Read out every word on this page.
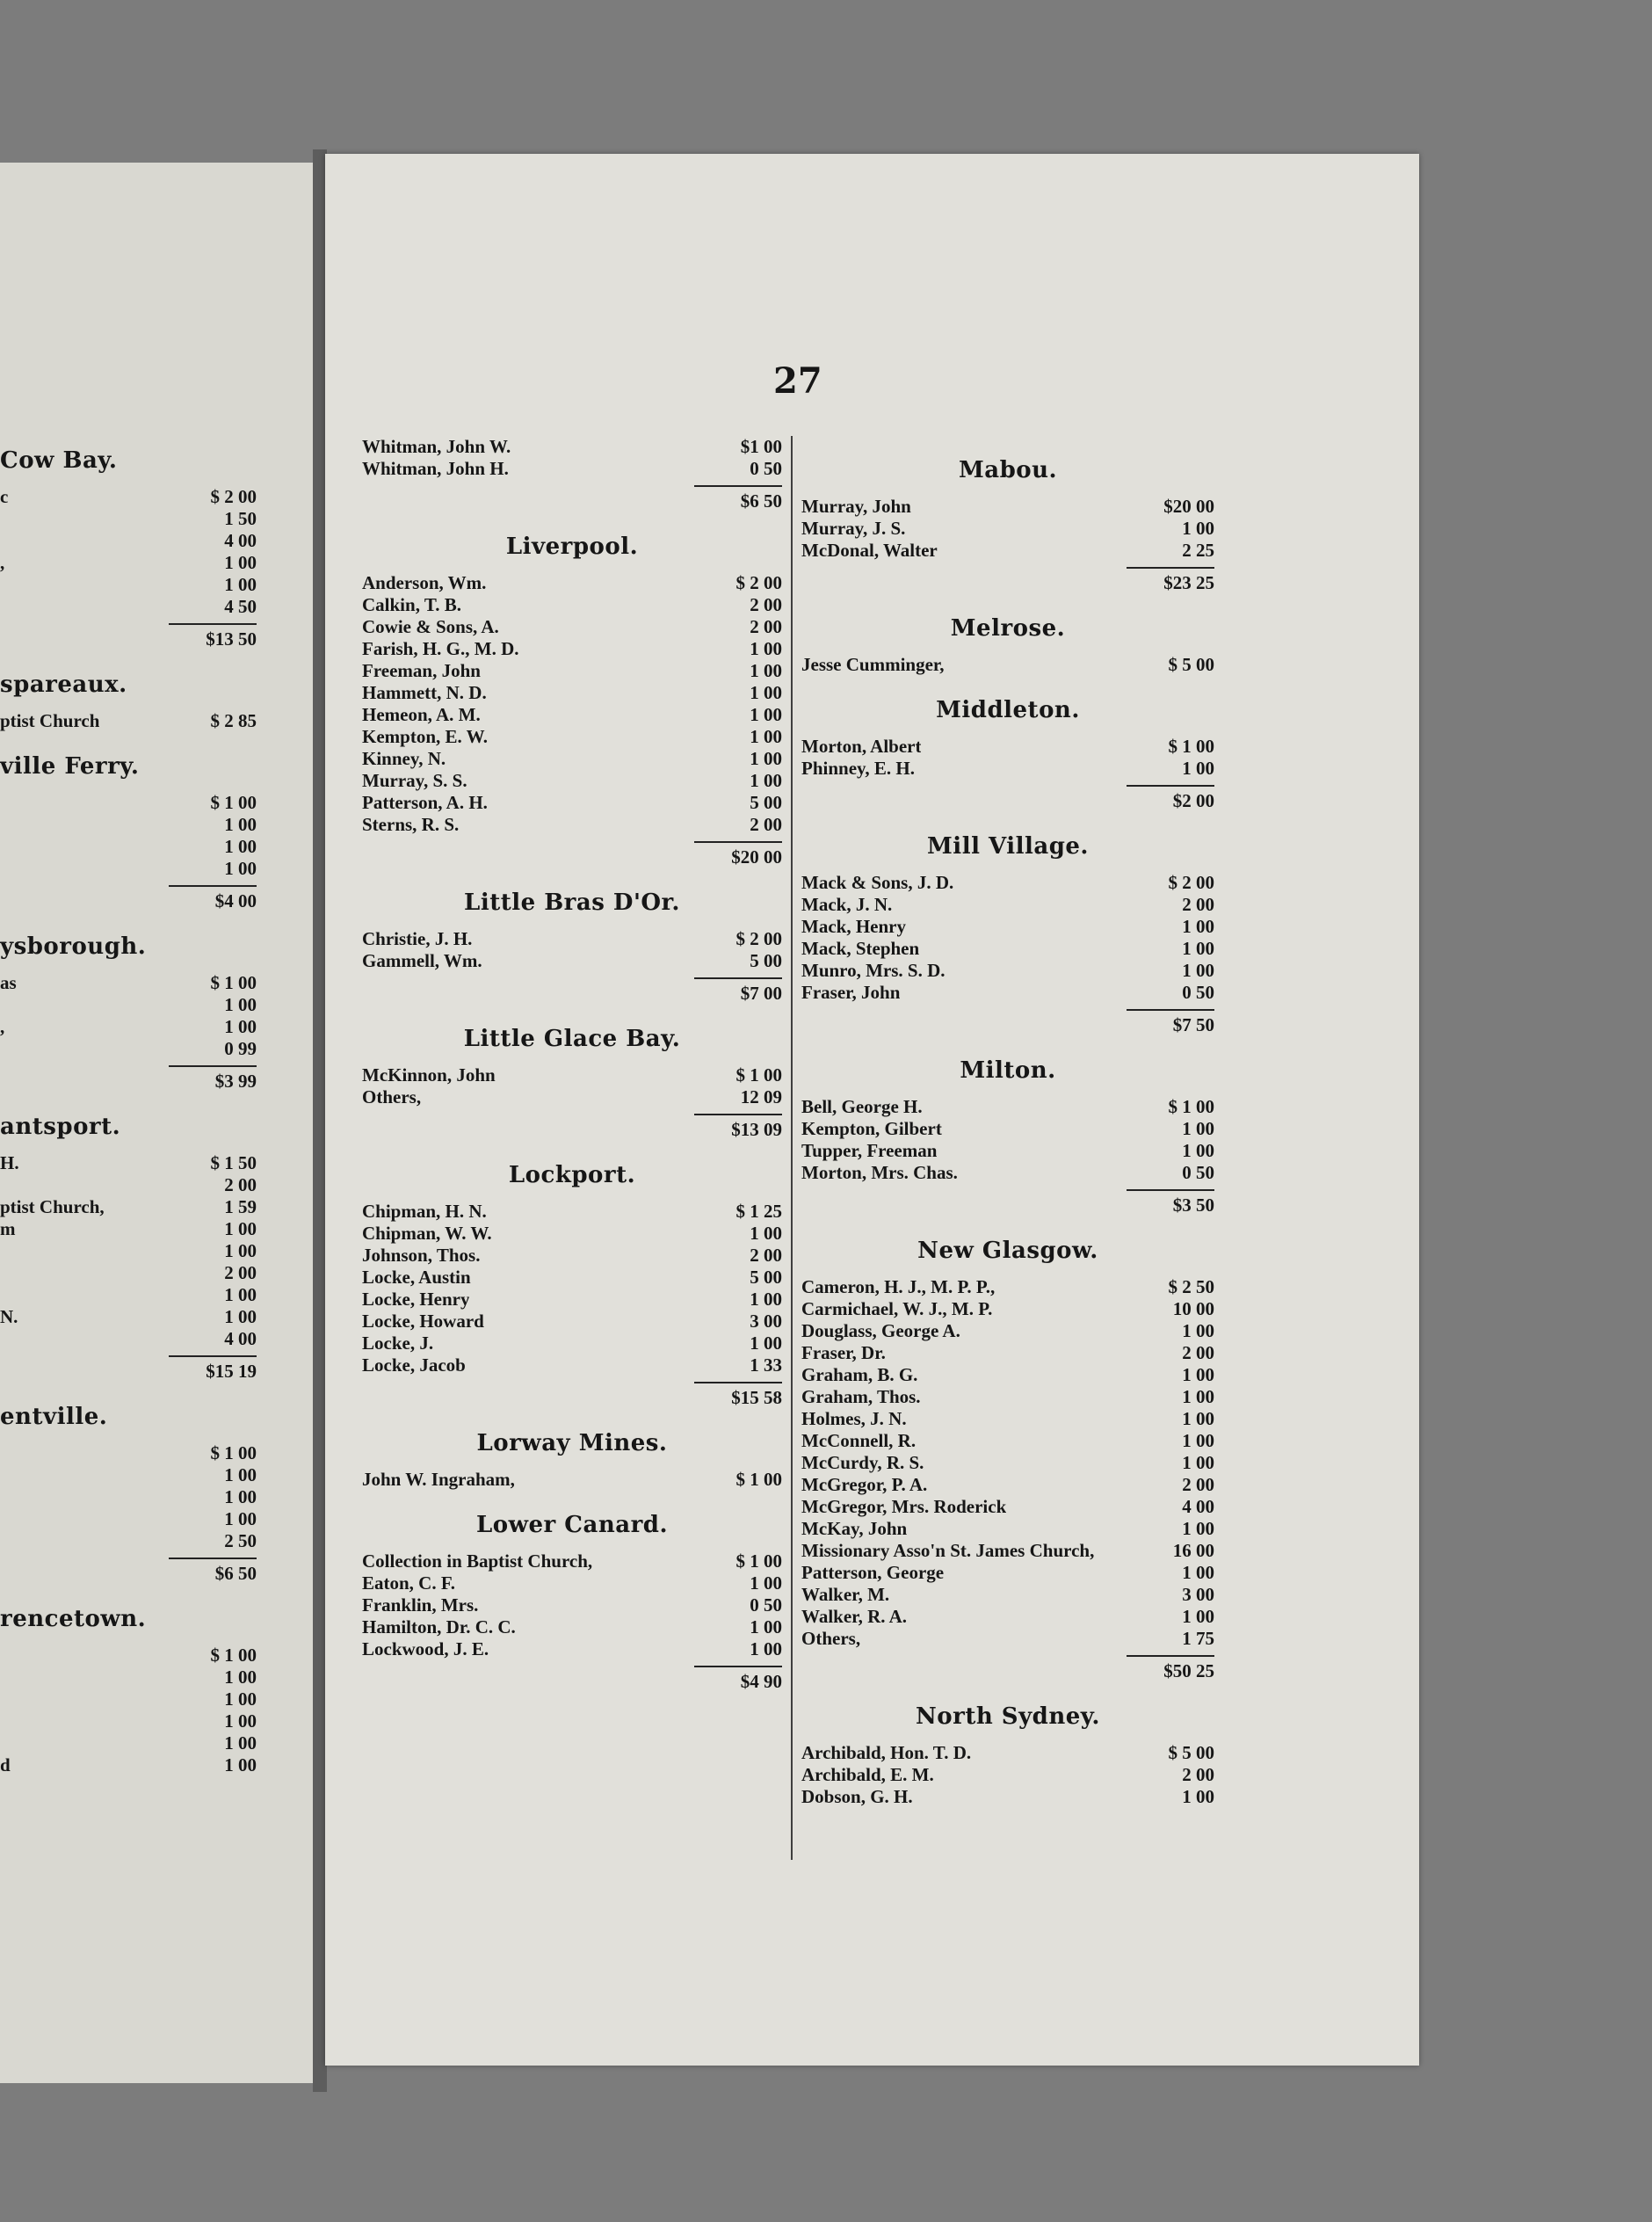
27
Cow Bay.
c	$ 2 00
1 50
4 00
,	1 00
1 00
4 50
$13 50
spareaux.
ptist Church	$ 2 85
ville Ferry.
$ 1 00
1 00
1 00
1 00
$4 00
ysborough.
as	$ 1 00
1 00
,	1 00
0 99
$3 99
antsport.
H.	$ 1 50
2 00
ptist Church,	1 59
m	1 00
1 00
2 00
1 00
N.	1 00
4 00
$15 19
entville.
$ 1 00
1 00
1 00
1 00
2 50
$6 50
rencetown.
$ 1 00
1 00
1 00
1 00
1 00
d	1 00
Whitman, John W.	$1 00
Whitman, John H.	0 50
$6 50
Liverpool.
Anderson, Wm.	$ 2 00
Calkin, T. B.	2 00
Cowie & Sons, A.	2 00
Farish, H. G., M. D.	1 00
Freeman, John	1 00
Hammett, N. D.	1 00
Hemeon, A. M.	1 00
Kempton, E. W.	1 00
Kinney, N.	1 00
Murray, S. S.	1 00
Patterson, A. H.	5 00
Sterns, R. S.	2 00
$20 00
Little Bras D'Or.
Christie, J. H.	$ 2 00
Gammell, Wm.	5 00
$7 00
Little Glace Bay.
McKinnon, John	$ 1 00
Others,	12 09
$13 09
Lockport.
Chipman, H. N.	$ 1 25
Chipman, W. W.	1 00
Johnson, Thos.	2 00
Locke, Austin	5 00
Locke, Henry	1 00
Locke, Howard	3 00
Locke, J.	1 00
Locke, Jacob	1 33
$15 58
Lorway Mines.
John W. Ingraham,	$ 1 00
Lower Canard.
Collection in Baptist Church,	$ 1 00
Eaton, C. F.	1 00
Franklin, Mrs.	0 50
Hamilton, Dr. C. C.	1 00
Lockwood, J. E.	1 00
$4 90
Mabou.
Murray, John	$20 00
Murray, J. S.	1 00
McDonal, Walter	2 25
$23 25
Melrose.
Jesse Cumminger,	$ 5 00
Middleton.
Morton, Albert	$ 1 00
Phinney, E. H.	1 00
$2 00
Mill Village.
Mack & Sons, J. D.	$ 2 00
Mack, J. N.	2 00
Mack, Henry	1 00
Mack, Stephen	1 00
Munro, Mrs. S. D.	1 00
Fraser, John	0 50
$7 50
Milton.
Bell, George H.	$ 1 00
Kempton, Gilbert	1 00
Tupper, Freeman	1 00
Morton, Mrs. Chas.	0 50
$3 50
New Glasgow.
Cameron, H. J., M. P. P.,	$ 2 50
Carmichael, W. J., M. P.	10 00
Douglass, George A.	1 00
Fraser, Dr.	2 00
Graham, B. G.	1 00
Graham, Thos.	1 00
Holmes, J. N.	1 00
McConnell, R.	1 00
McCurdy, R. S.	1 00
McGregor, P. A.	2 00
McGregor, Mrs. Roderick	4 00
McKay, John	1 00
Missionary Asso'n St. James Church,	16 00
Patterson, George	1 00
Walker, M.	3 00
Walker, R. A.	1 00
Others,	1 75
$50 25
North Sydney.
Archibald, Hon. T. D.	$ 5 00
Archibald, E. M.	2 00
Dobson, G. H.	1 00
